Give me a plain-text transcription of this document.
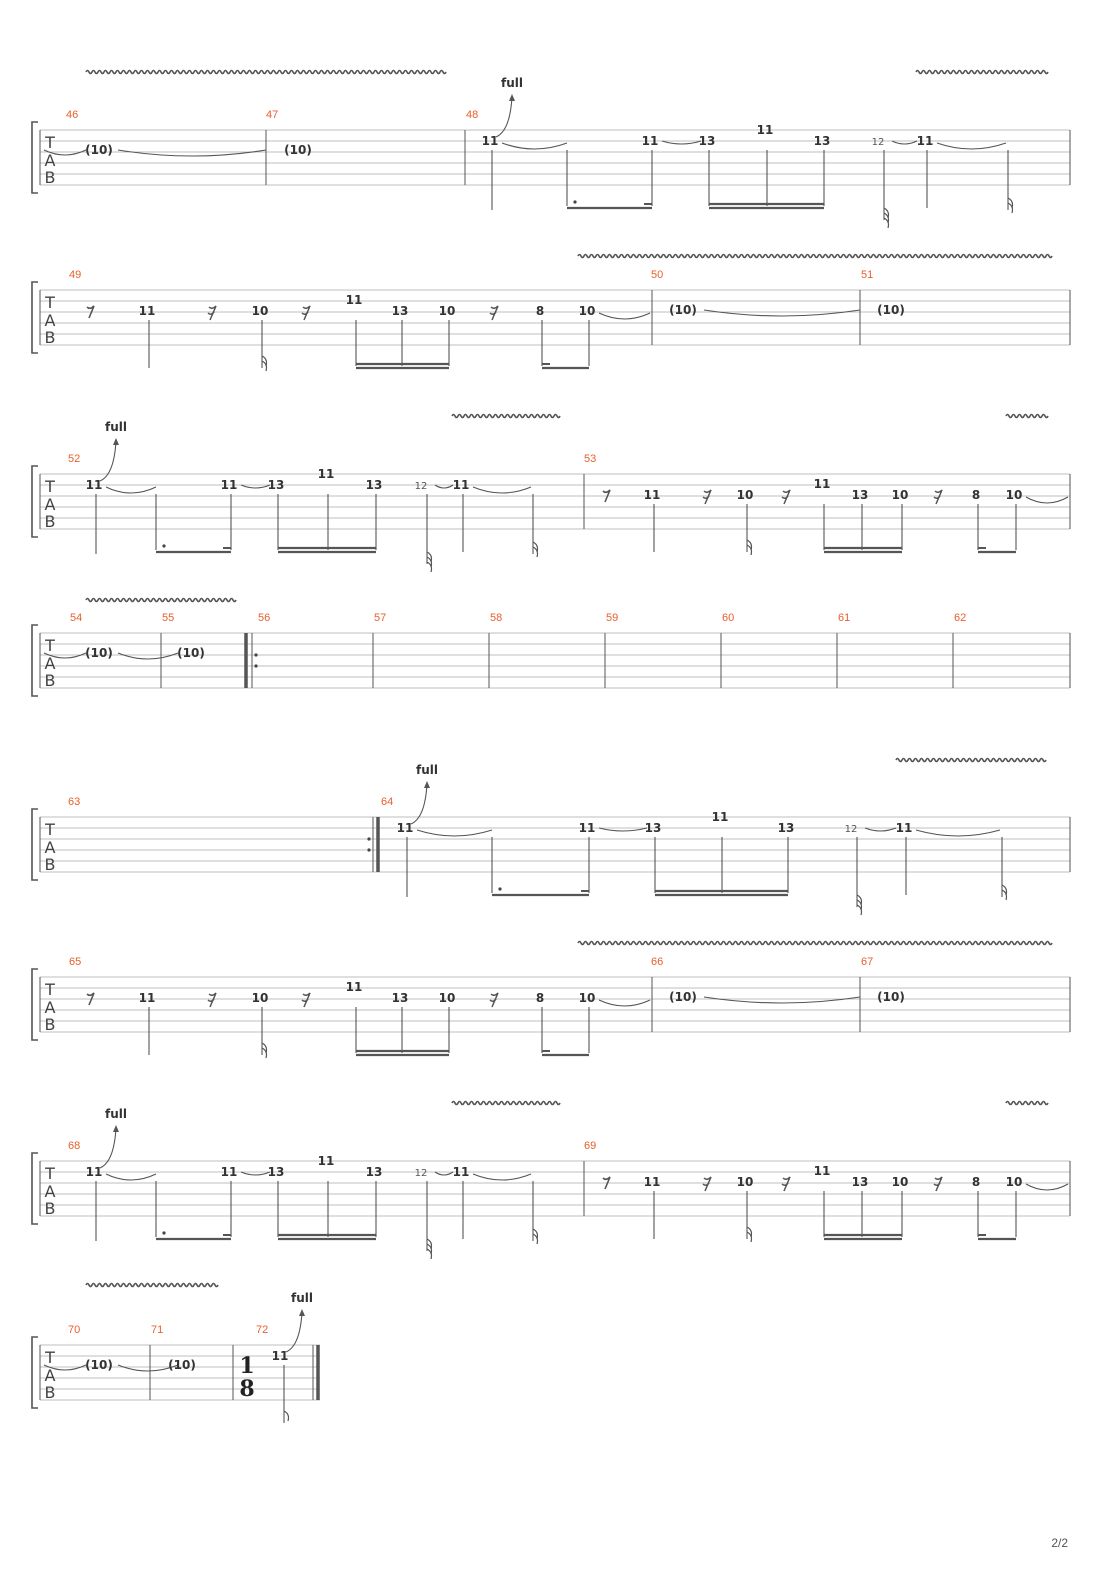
T
A
B
46	47	48
(10)	(10)
11
full
11	13
11
13	12	11
T
A
B
49	50	51
11	10
11
13	10	8	10	(10)	(10)
T
A
B
52	53
11
full
11	13
11
13	12 11
11	10
11
13 10	8 10
T
A
B
54	55	56	57	58	59	60	61	62
(10)	(10)
T
A
B
63	64
11
full
11	13
11
13	12	11
T
A
B
65	66	67
11	10
11
13	10	8	10	(10)	(10)
T
A
B
68	69
11
full
11	13
11
13	12 11
11	10
11
13 10	8 10
T
A
B
70	71	72
(10)	(10) 1
8
11
full
2/2
